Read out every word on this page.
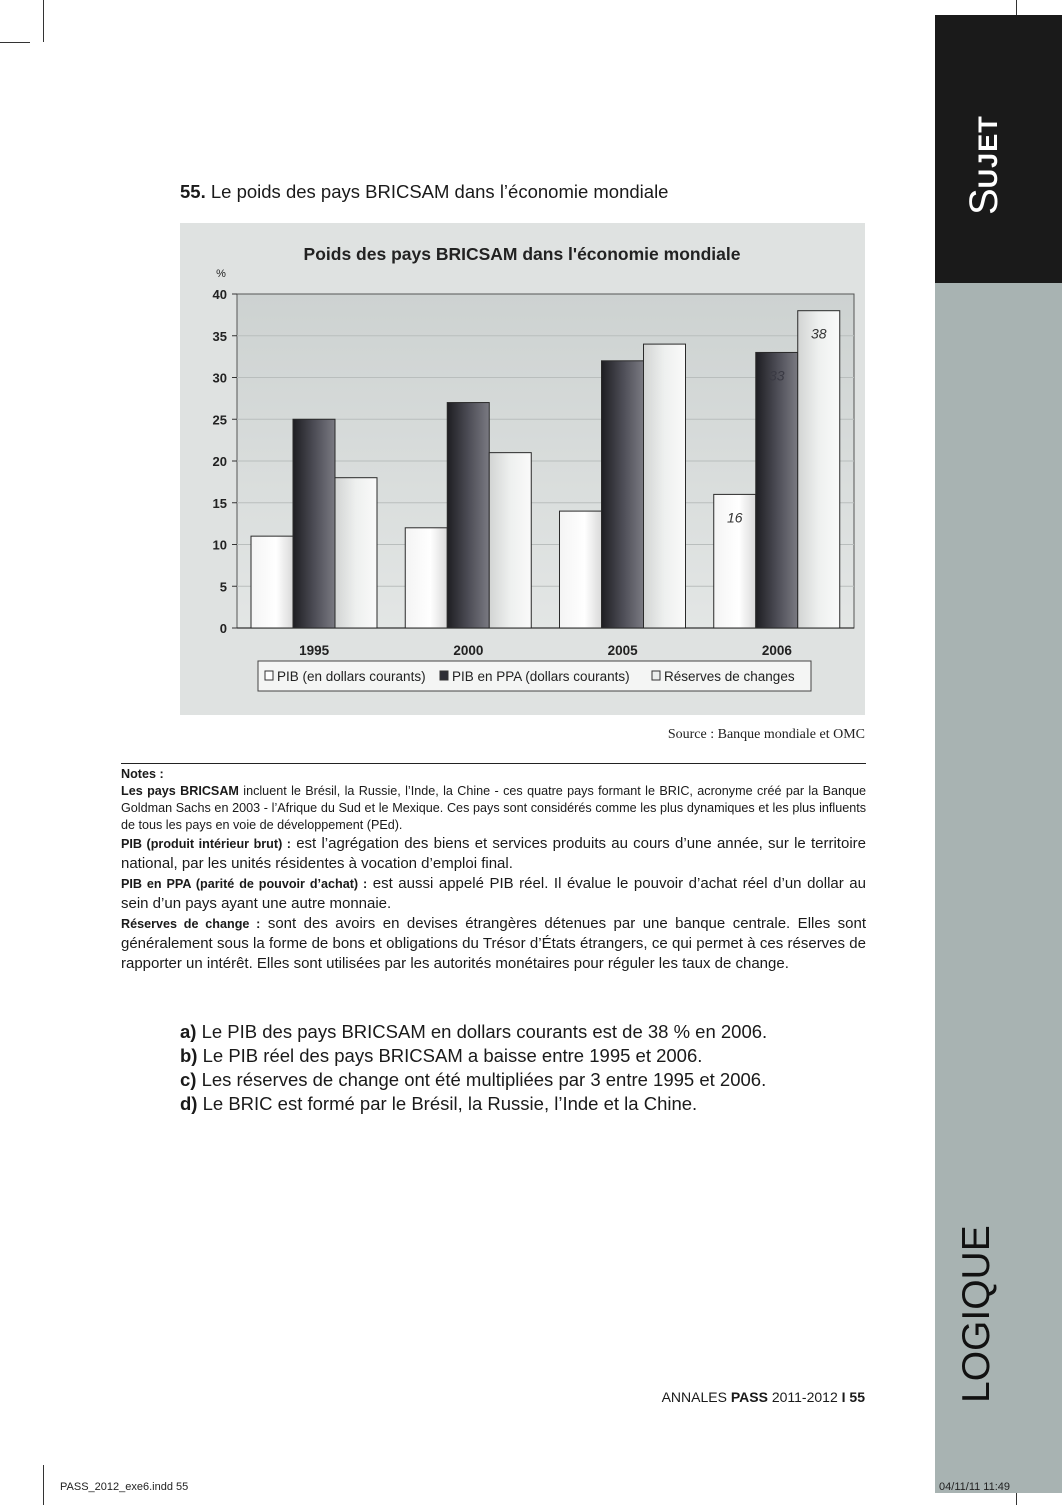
SUJET
LOGIQUE
55. Le poids des pays BRICSAM dans l’économie mondiale
0
5
10
15
20
25
30
35
40
1995	2000	2005	2006
16
33
38
PIB (en dollars courants) PIB en PPA (dollars courants)	Réserves de changes
Poids des pays BRICSAM dans l'économie mondiale
%
Source : Banque mondiale et OMC

Notes :

Les pays BRICSAM incluent le Brésil, la Russie, l’Inde, la Chine - ces quatre pays formant le BRIC, acronyme créé par la Banque Goldman Sachs en 2003 - l’Afrique du Sud et le Mexique. Ces pays sont considérés comme les plus dynamiques et les plus influents de tous les pays en voie de développement (PEd).

PIB (produit intérieur brut) : est l’agrégation des biens et services produits au cours d’une année, sur le territoire national, par les unités résidentes à vocation d’emploi final.

PIB en PPA (parité de pouvoir d’achat) : est aussi appelé PIB réel. Il évalue le pouvoir d’achat réel d’un dollar au sein d’un pays ayant une autre monnaie.

Réserves de change : sont des avoirs en devises étrangères détenues par une banque centrale. Elles sont généralement sous la forme de bons et obligations du Trésor d’États étrangers, ce qui permet à ces réserves de rapporter un intérêt. Elles sont utilisées par les autorités monétaires pour réguler les taux de change.

a) Le PIB des pays BRICSAM en dollars courants est de 38 % en 2006.
b) Le PIB réel des pays BRICSAM a baisse entre 1995 et 2006.
c) Les réserves de change ont été multipliées par 3 entre 1995 et 2006.
d) Le BRIC est formé par le Brésil, la Russie, l’Inde et la Chine.
ANNALES PASS 2011-2012 I 55
PASS_2012_exe6.indd 55	04/11/11 11:49
